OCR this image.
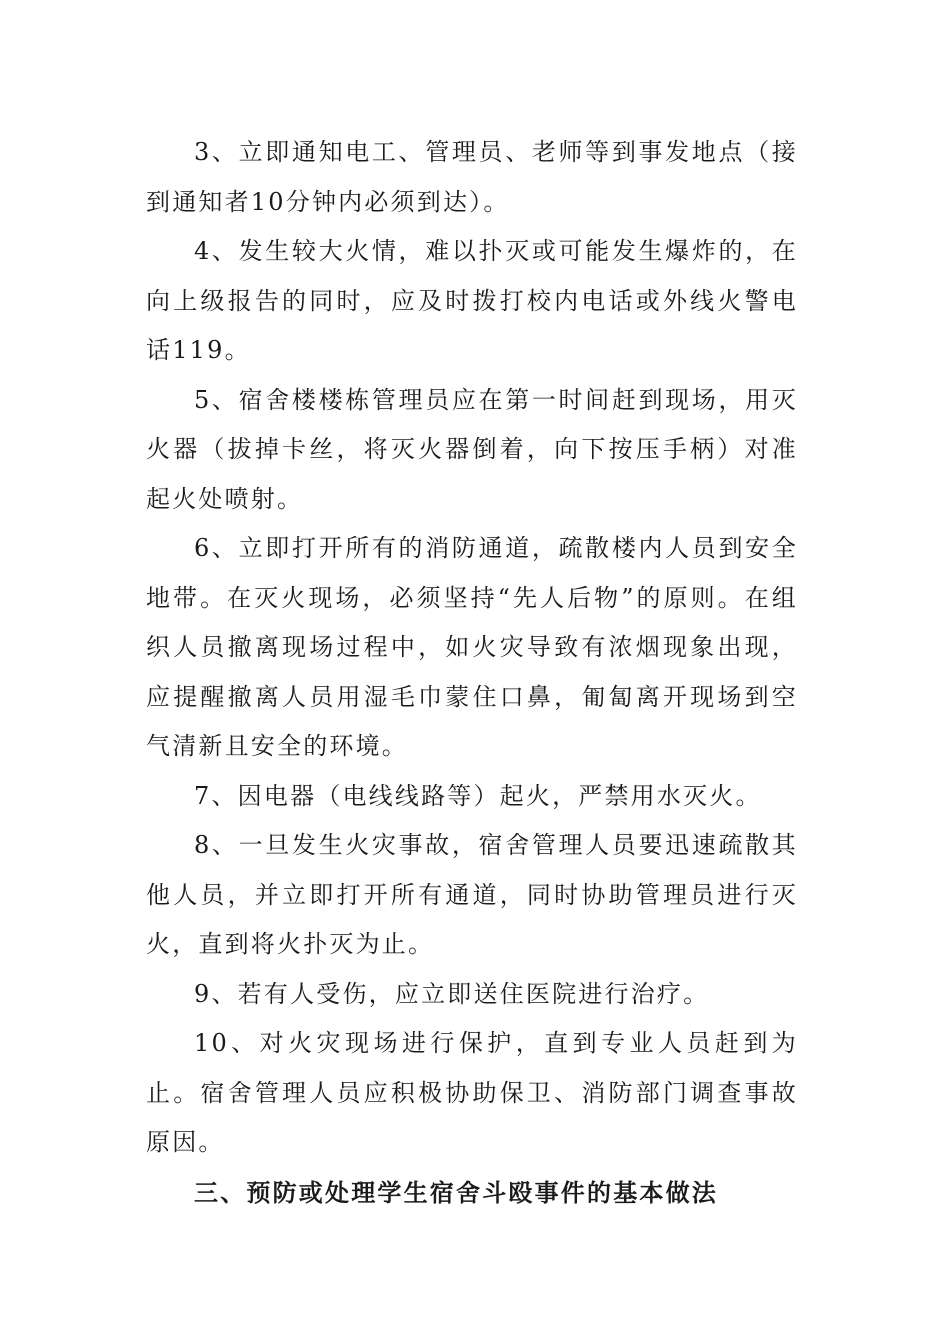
3、立即通知电工、管理员、老师等到事发地点（接到通知者10分钟内必须到达）。

4、发生较大火情，难以扑灭或可能发生爆炸的，在向上级报告的同时，应及时拨打校内电话或外线火警电话119。

5、宿舍楼楼栋管理员应在第一时间赶到现场，用灭火器（拔掉卡丝，将灭火器倒着，向下按压手柄）对准起火处喷射。

6、立即打开所有的消防通道，疏散楼内人员到安全地带。在灭火现场，必须坚持“先人后物”的原则。在组织人员撤离现场过程中，如火灾导致有浓烟现象出现，应提醒撤离人员用湿毛巾蒙住口鼻，匍匐离开现场到空气清新且安全的环境。

7、因电器（电线线路等）起火，严禁用水灭火。

8、一旦发生火灾事故，宿舍管理人员要迅速疏散其他人员，并立即打开所有通道，同时协助管理员进行灭火，直到将火扑灭为止。

9、若有人受伤，应立即送住医院进行治疗。

10、对火灾现场进行保护，直到专业人员赶到为止。宿舍管理人员应积极协助保卫、消防部门调查事故原因。

三、预防或处理学生宿舍斗殴事件的基本做法
